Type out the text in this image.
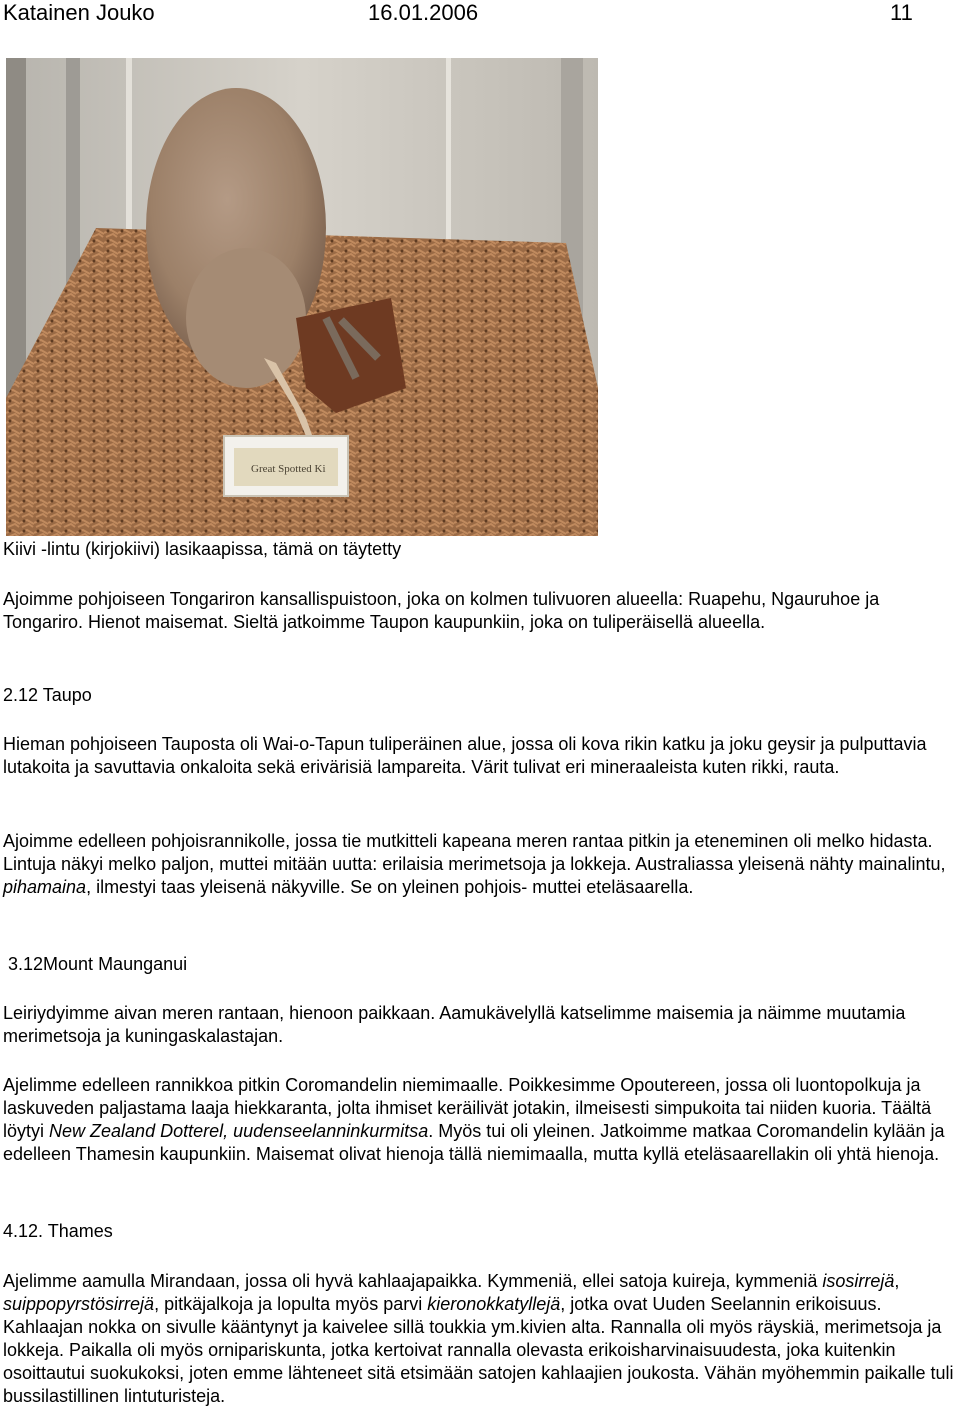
Katainen Jouko	16.01.2006	11
Great Spotted Ki

Kiivi -lintu (kirjokiivi) lasikaapissa, tämä on täytetty

Ajoimme pohjoiseen Tongariron kansallispuistoon, joka on kolmen tulivuoren alueella: Ruapehu, Ngauruhoe ja Tongariro. Hienot maisemat. Sieltä jatkoimme Taupon kaupunkiin, joka on tuliperäisellä alueella.

2.12 Taupo

Hieman pohjoiseen Tauposta oli Wai-o-Tapun tuliperäinen alue, jossa oli kova rikin katku ja joku geysir ja pulputtavia lutakoita ja savuttavia onkaloita sekä erivärisiä lampareita. Värit tulivat eri mineraaleista kuten rikki, rauta.

Ajoimme edelleen pohjoisrannikolle, jossa tie mutkitteli kapeana meren rantaa pitkin ja eteneminen oli melko hidasta. Lintuja näkyi melko paljon, muttei mitään uutta: erilaisia merimetsoja ja lokkeja. Australiassa yleisenä nähty mainalintu, pihamaina, ilmestyi taas yleisenä näkyville. Se on yleinen pohjois- muttei eteläsaarella.

3.12Mount Maunganui

Leiriydyimme aivan meren rantaan, hienoon paikkaan. Aamukävelyllä katselimme maisemia ja näimme muutamia merimetsoja ja kuningaskalastajan.

Ajelimme edelleen rannikkoa pitkin Coromandelin niemimaalle. Poikkesimme Opoutereen, jossa oli luontopolkuja ja laskuveden paljastama laaja hiekkaranta, jolta ihmiset keräilivät jotakin, ilmeisesti simpukoita tai niiden kuoria. Täältä löytyi New Zealand Dotterel, uudenseelanninkurmitsa. Myös tui oli yleinen. Jatkoimme matkaa Coromandelin kylään ja edelleen Thamesin kaupunkiin. Maisemat olivat hienoja tällä niemimaalla, mutta kyllä eteläsaarellakin oli yhtä hienoja.

4.12. Thames

Ajelimme aamulla Mirandaan, jossa oli hyvä kahlaajapaikka. Kymmeniä, ellei satoja kuireja, kymmeniä isosirrejä, suippopyrstösirrejä, pitkäjalkoja ja lopulta myös parvi kieronokkatyllejä, jotka ovat Uuden Seelannin erikoisuus. Kahlaajan nokka on sivulle kääntynyt ja kaivelee sillä toukkia ym.kivien alta. Rannalla oli myös räyskiä, merimetsoja ja lokkeja. Paikalla oli myös ornipariskunta, jotka kertoivat rannalla olevasta erikoisharvinaisuudesta, joka kuitenkin osoittautui suokukoksi, joten emme lähteneet sitä etsimään satojen kahlaajien joukosta. Vähän myöhemmin paikalle tuli bussilastillinen lintuturisteja.
